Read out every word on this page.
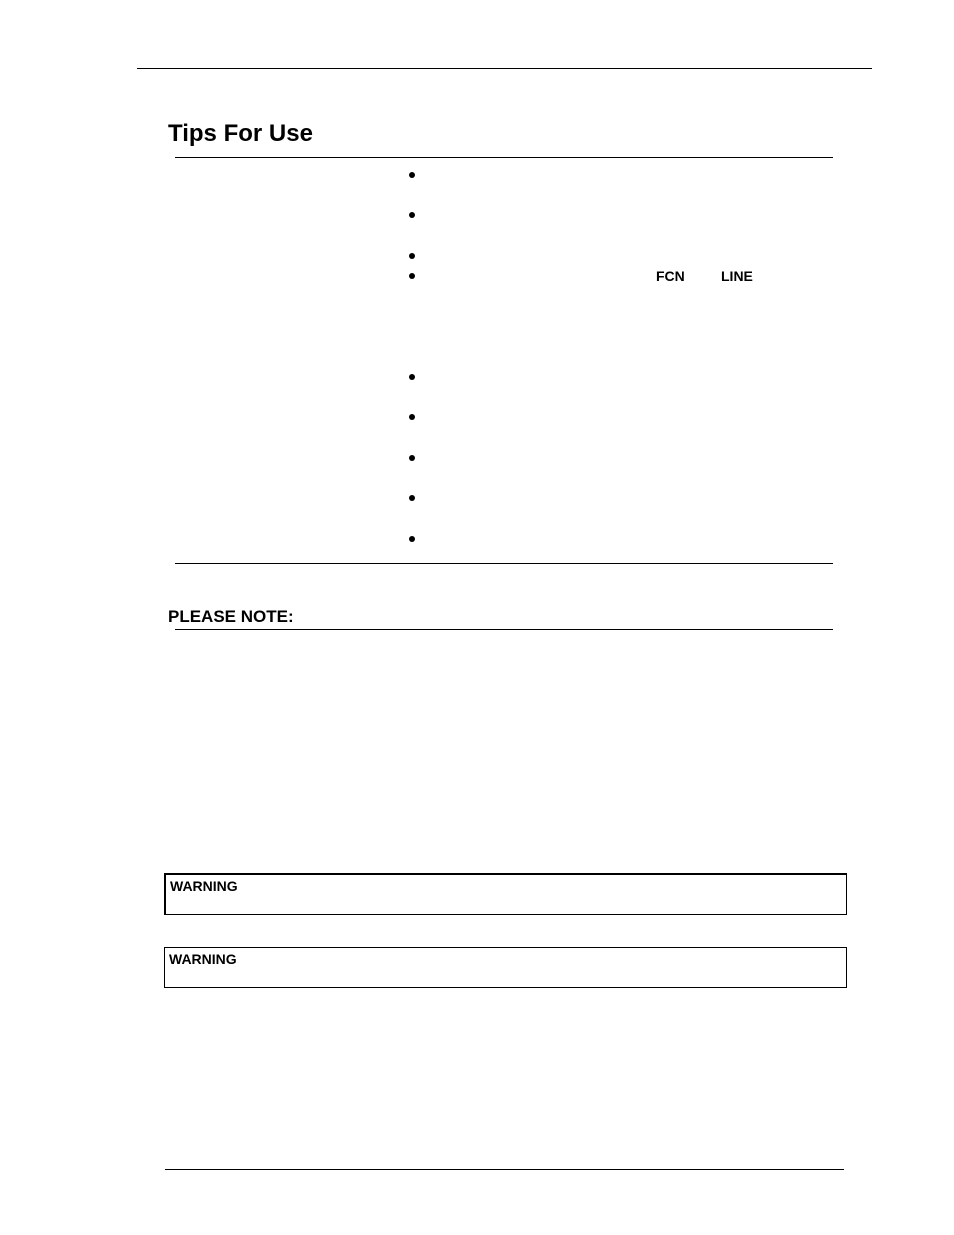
Tips For Use
FCN	LINE
PLEASE NOTE:
WARNING
WARNING
